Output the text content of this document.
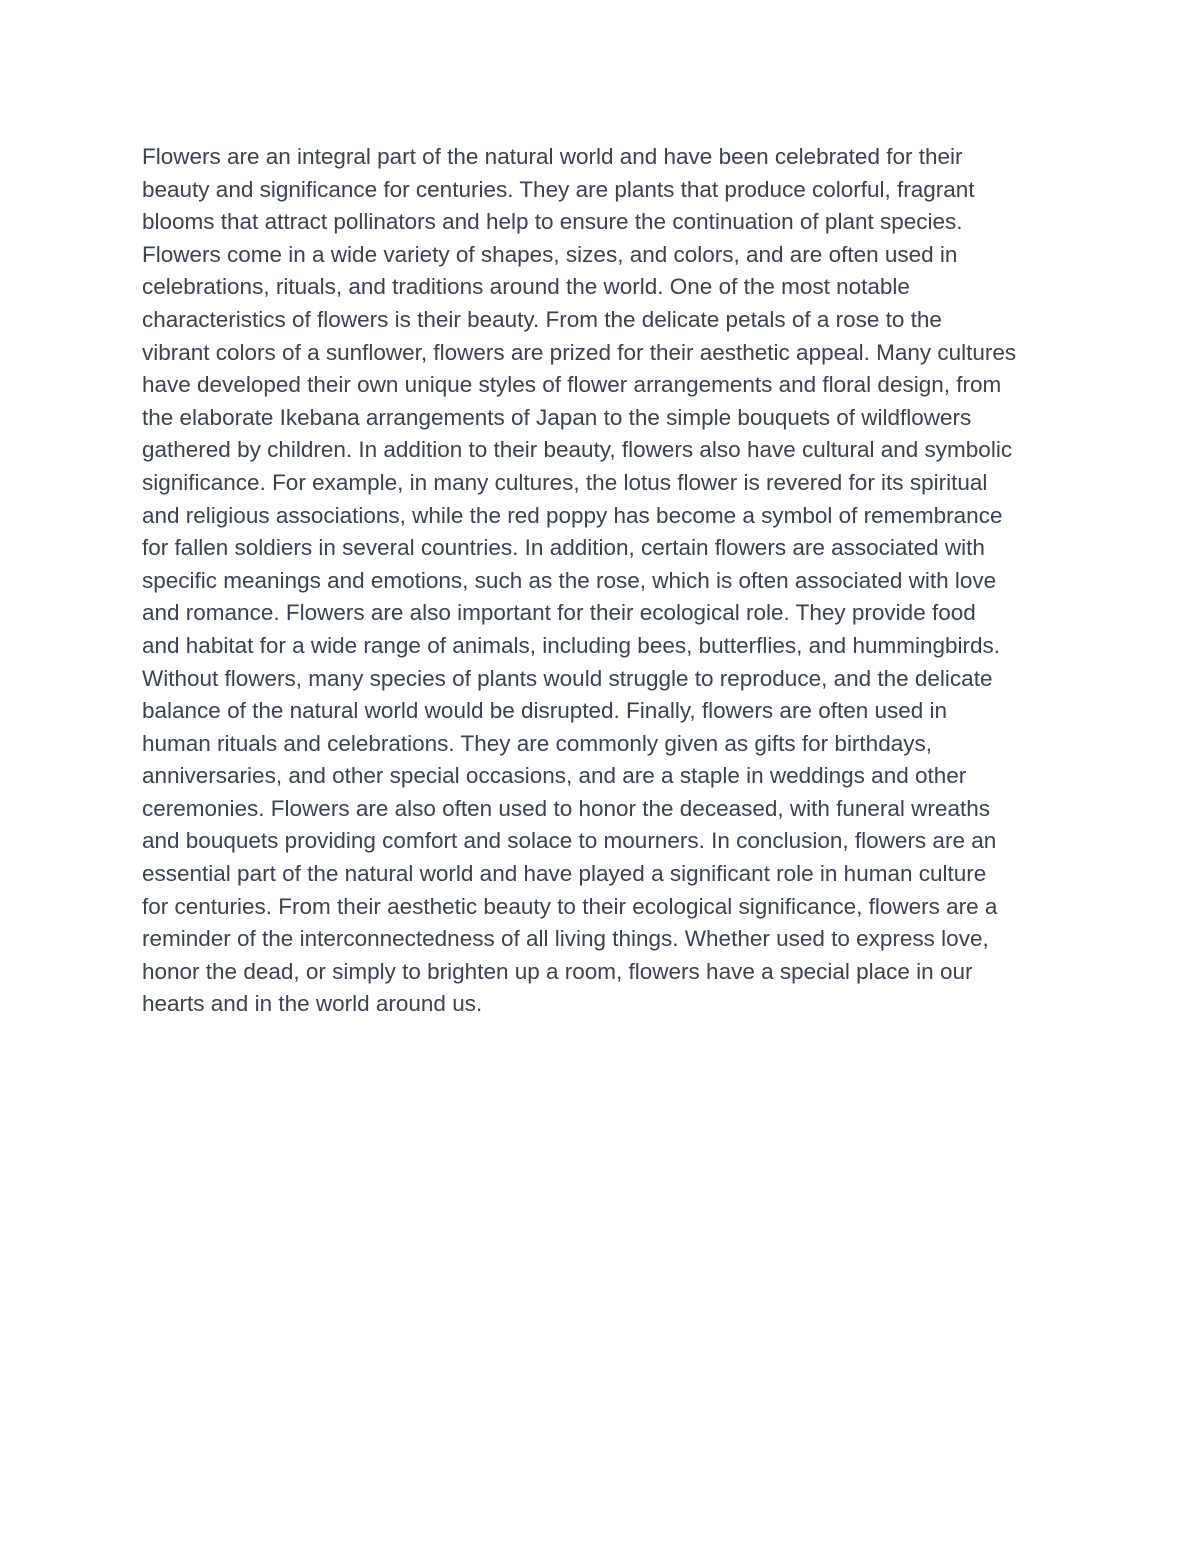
Flowers are an integral part of the natural world and have been celebrated for their
beauty and significance for centuries. They are plants that produce colorful, fragrant
blooms that attract pollinators and help to ensure the continuation of plant species.
Flowers come in a wide variety of shapes, sizes, and colors, and are often used in
celebrations, rituals, and traditions around the world. One of the most notable
characteristics of flowers is their beauty. From the delicate petals of a rose to the
vibrant colors of a sunflower, flowers are prized for their aesthetic appeal. Many cultures
have developed their own unique styles of flower arrangements and floral design, from
the elaborate Ikebana arrangements of Japan to the simple bouquets of wildflowers
gathered by children. In addition to their beauty, flowers also have cultural and symbolic
significance. For example, in many cultures, the lotus flower is revered for its spiritual
and religious associations, while the red poppy has become a symbol of remembrance
for fallen soldiers in several countries. In addition, certain flowers are associated with
specific meanings and emotions, such as the rose, which is often associated with love
and romance. Flowers are also important for their ecological role. They provide food
and habitat for a wide range of animals, including bees, butterflies, and hummingbirds.
Without flowers, many species of plants would struggle to reproduce, and the delicate
balance of the natural world would be disrupted. Finally, flowers are often used in
human rituals and celebrations. They are commonly given as gifts for birthdays,
anniversaries, and other special occasions, and are a staple in weddings and other
ceremonies. Flowers are also often used to honor the deceased, with funeral wreaths
and bouquets providing comfort and solace to mourners. In conclusion, flowers are an
essential part of the natural world and have played a significant role in human culture
for centuries. From their aesthetic beauty to their ecological significance, flowers are a
reminder of the interconnectedness of all living things. Whether used to express love,
honor the dead, or simply to brighten up a room, flowers have a special place in our
hearts and in the world around us.
